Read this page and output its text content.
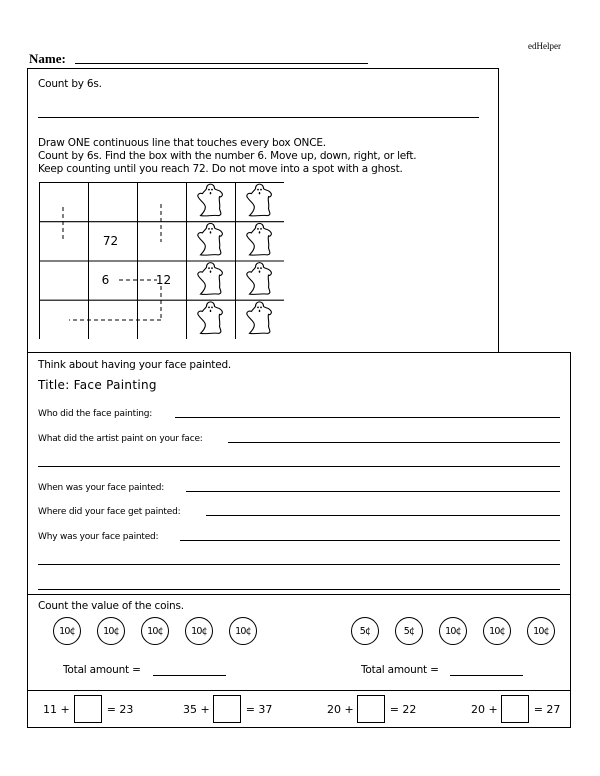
edHelper
Name:
Count by 6s.
Draw ONE continuous line that touches every box ONCE.
Count by 6s. Find the box with the number 6. Move up, down, right, or left.
Keep counting until you reach 72. Do not move into a spot with a ghost.
72
6	12
Think about having your face painted.
Title: Face Painting
Who did the face painting:
What did the artist paint on your face:
When was your face painted:
Where did your face get painted:
Why was your face painted:
Count the value of the coins.
10¢	10¢	10¢	10¢	10¢
Total amount =
5¢	5¢	10¢	10¢	10¢
Total amount =
11 +	= 23	35 +	= 37	20 +	= 22	20 +	= 27
